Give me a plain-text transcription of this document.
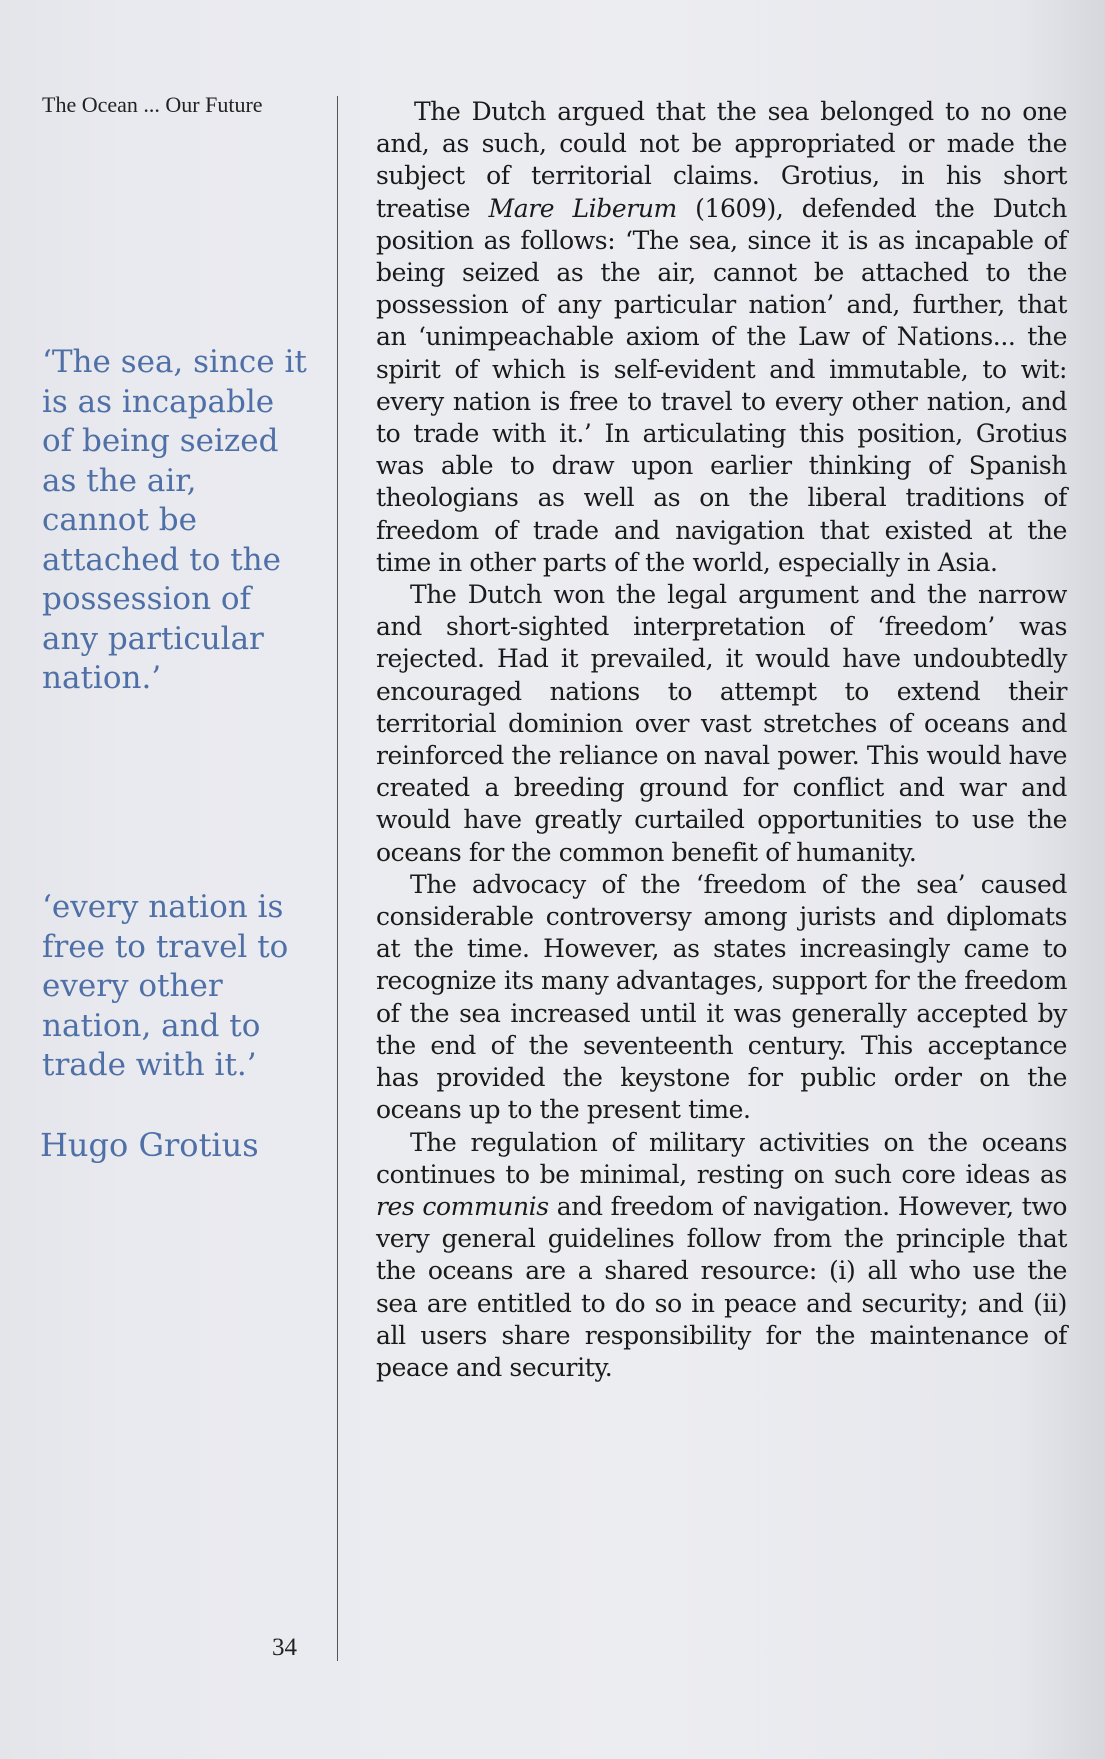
The Ocean ... Our Future
‘The sea, since it is as incapable of being seized as the air, cannot be attached to the possession of any particular nation.’
‘every nation is free to travel to every other nation, and to trade with it.’
Hugo Grotius

The Dutch argued that the sea belonged to no one and, as such, could not be appropriated or made the subject of territorial claims. Grotius, in his short treatise Mare Liberum (1609), defended the Dutch position as follows: ‘The sea, since it is as incapable of being seized as the air, cannot be attached to the possession of any particular nation’ and, further, that an ‘unimpeachable axiom of the Law of Nations... the spirit of which is self-evident and immutable, to wit: every nation is free to travel to every other nation, and to trade with it.’ In articulating this position, Grotius was able to draw upon earlier thinking of Spanish theologians as well as on the liberal traditions of freedom of trade and navigation that existed at the time in other parts of the world, especially in Asia.

The Dutch won the legal argument and the narrow and short-sighted interpretation of ‘freedom’ was rejected. Had it prevailed, it would have undoubtedly encouraged nations to attempt to extend their territorial dominion over vast stretches of oceans and reinforced the reliance on naval power. This would have created a breeding ground for conflict and war and would have greatly curtailed opportunities to use the oceans for the common benefit of humanity.

The advocacy of the ‘freedom of the sea’ caused considerable controversy among jurists and diplomats at the time. However, as states increasingly came to recognize its many advantages, support for the freedom of the sea increased until it was generally accepted by the end of the seventeenth century. This acceptance has provided the keystone for public order on the oceans up to the present time.

The regulation of military activities on the oceans continues to be minimal, resting on such core ideas as res communis and freedom of navigation. However, two very general guidelines follow from the principle that the oceans are a shared resource: (i) all who use the sea are entitled to do so in peace and security; and (ii) all users share responsibility for the maintenance of peace and security.

34
